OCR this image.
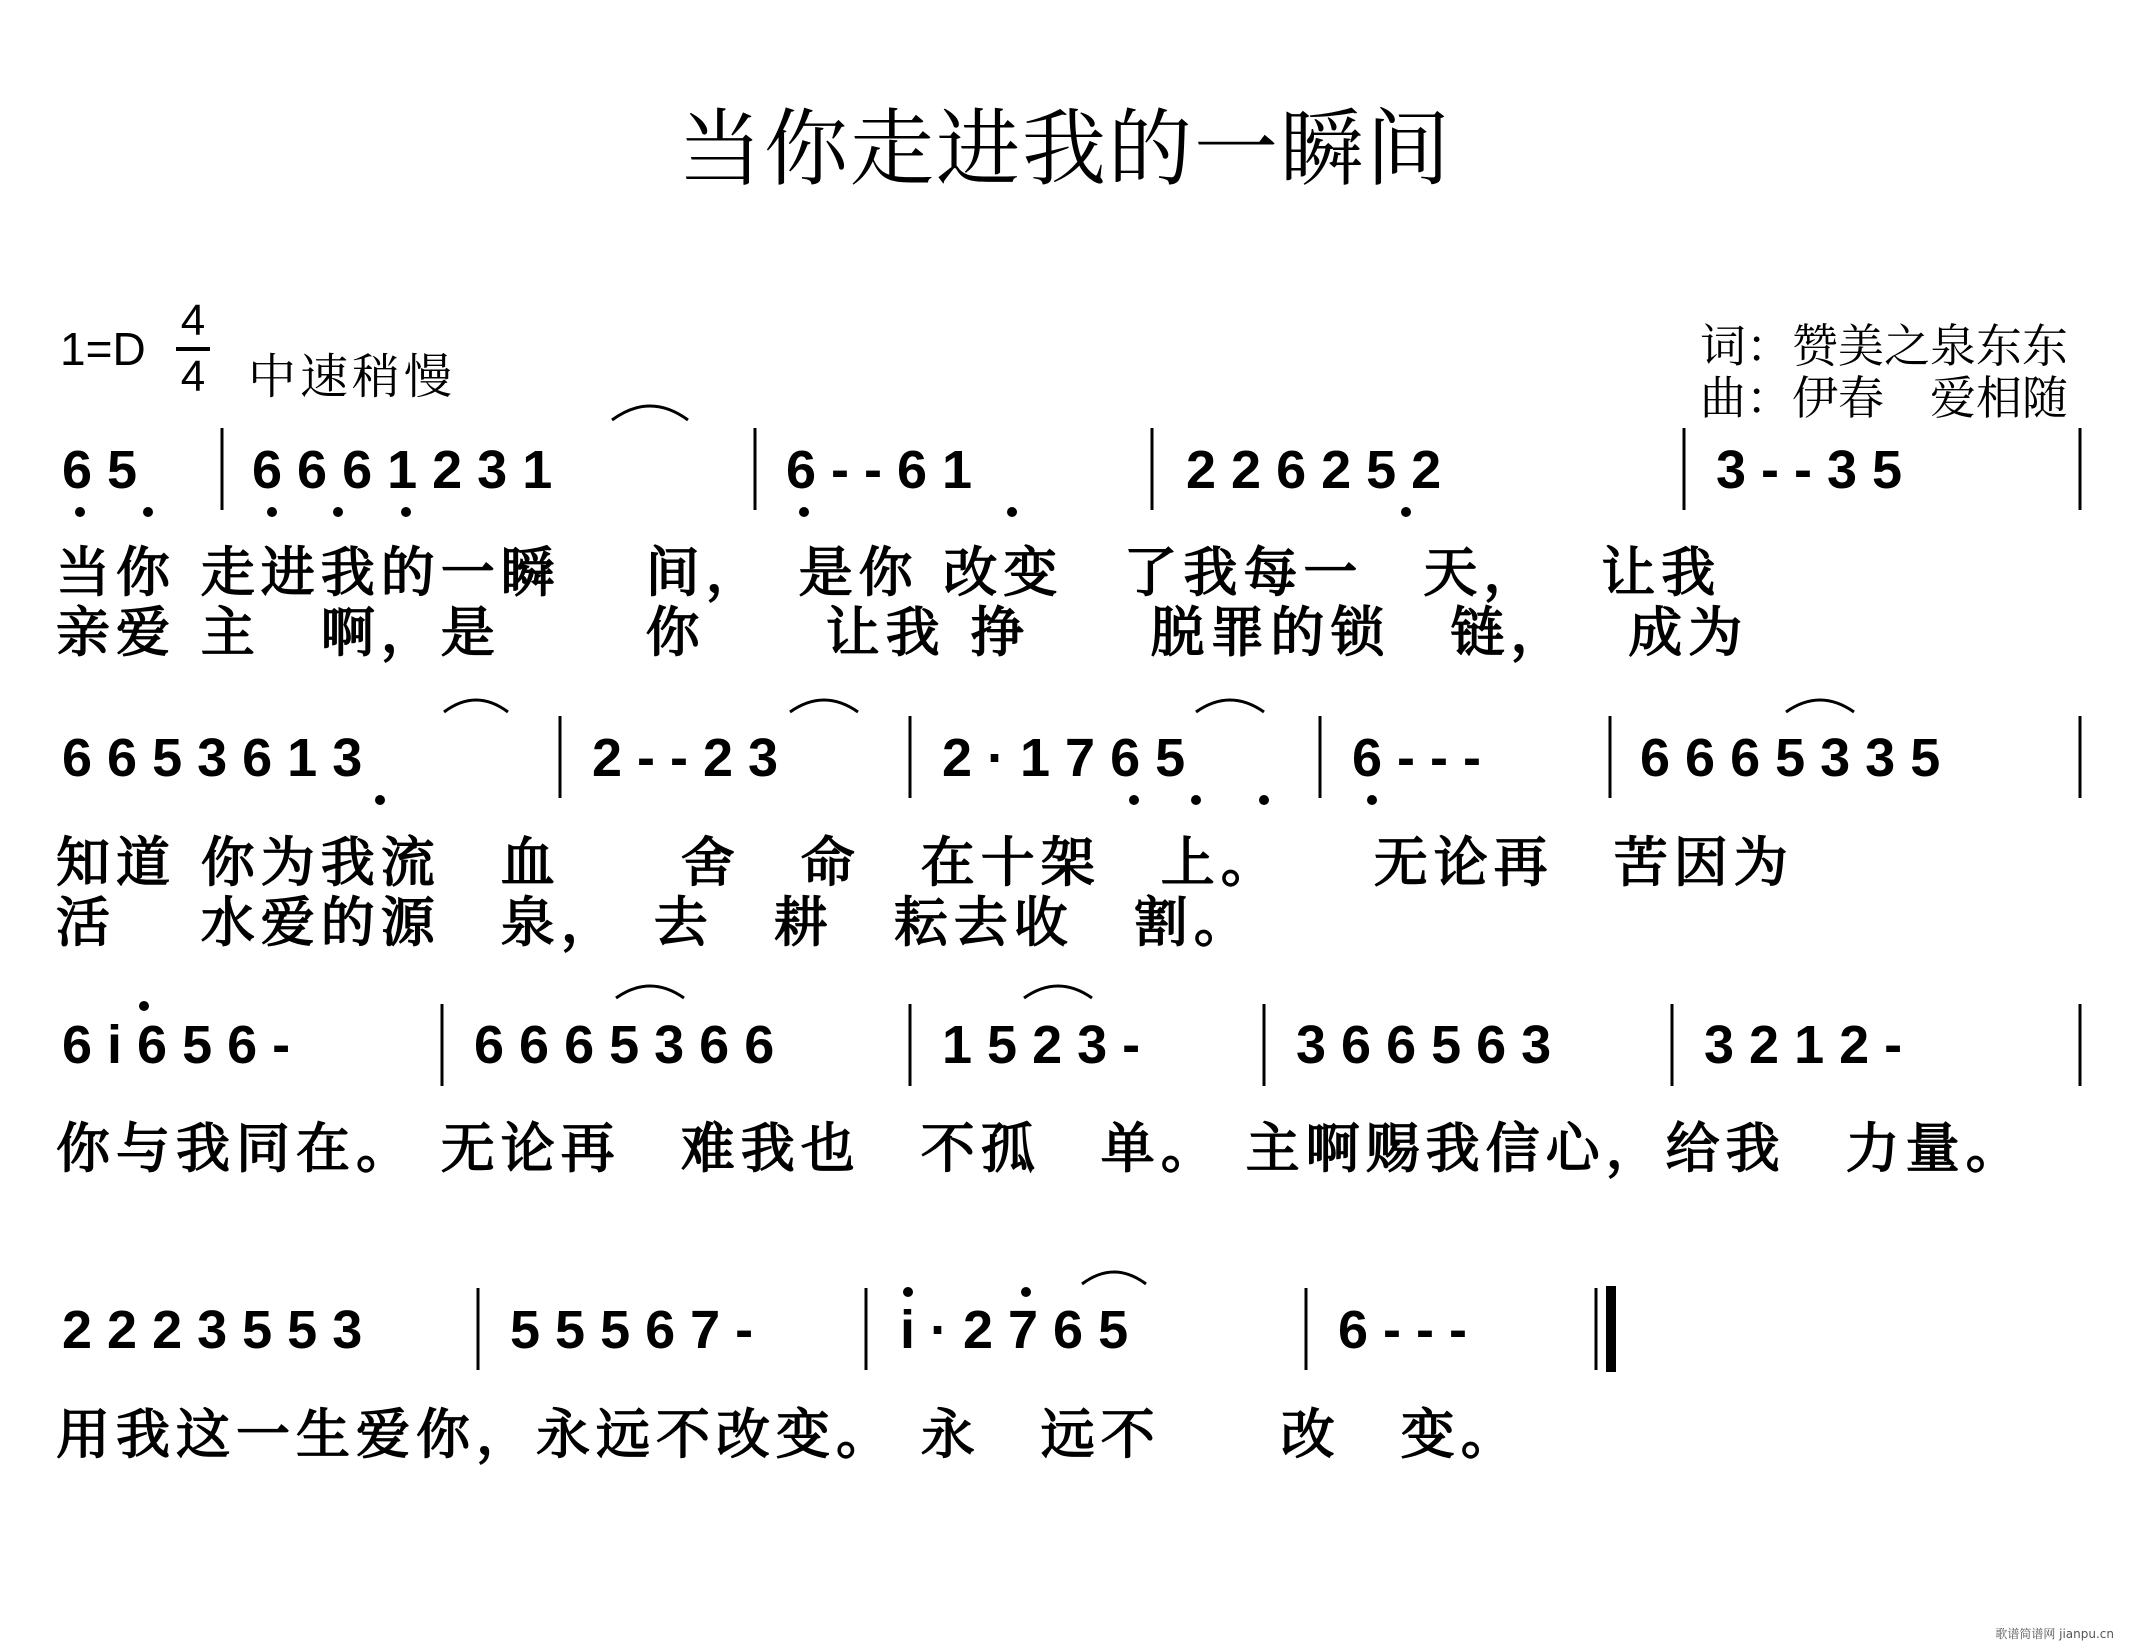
当你走进我的一瞬间
1=D
4
4 中速稍慢
词：赞美之泉东东
曲：伊春　爱相随
6 5 6 6 6 1 2 3 1	6 - - 6 1	2 2 6 2 5 2	3 - - 3 5
当你 走进我的一瞬　 间，　是你 改变　了我每一　天，　 让我
亲爱 主　啊，是　　 你　　让我 挣　　脱罪的锁　链，　 成为
6 6 5 3 6 1 3	2 - - 2 3	2 · 1 7 6 5	6 - - -	6 6 6 5 3 3 5
知道 你为我流　血　　舍　命　在十架　上。　　无论再　苦因为
活　 水爱的源　泉，　去　耕　耘去收　割。
6 i 6 5 6 -	6 6 6 5 3 6 6	1 5 2 3 -	3 6 6 5 6 3	3 2 1 2 -
你与我同在。 无论再　难我也　不孤　单。 主啊赐我信心，给我　力量。
2 2 2 3 5 5 3	5 5 5 6 7 -	i · 2 7 6 5	6 - - -
用我这一生爱你，永远不改变。 永　远不　　改　变。
歌谱简谱网 jianpu.cn
